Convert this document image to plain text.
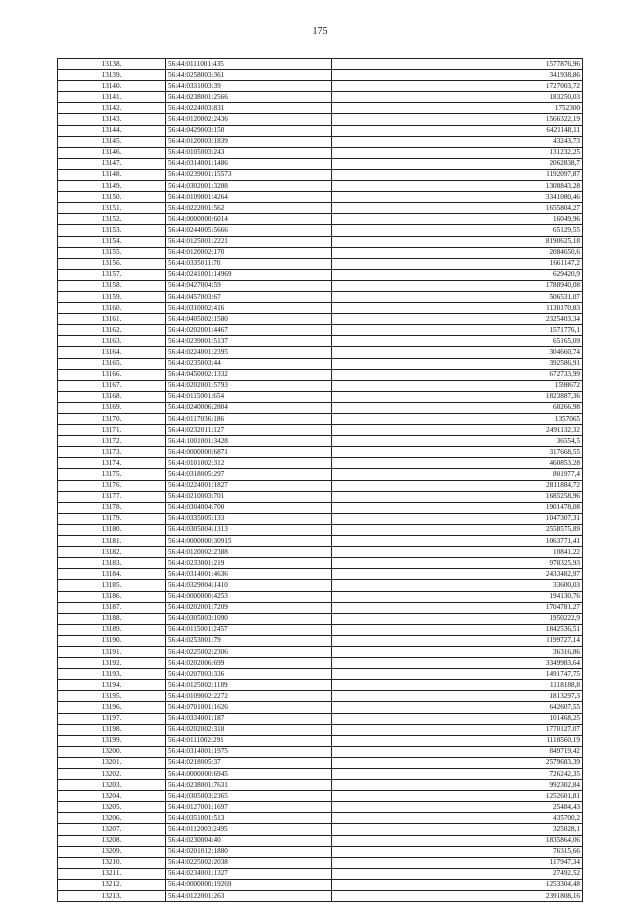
175
13138.	56:44:0111001:435	1577876,96
13139.	56:44:0258003:361	341938,86
13140.	56:44:0331003:39	1727003,72
13141.	56:44:0238001:2566	183250,03
13142.	56:44:0224003:831	1752300
13143.	56:44:0120002:2436	1566322,19
13144.	56:44:0429003:150	6421148,11
13145.	56:44:0120003:1839	43243,73
13146.	56:44:0105003:243	131232,25
13147.	56:44:0314001:1486	2062838,7
13148.	56:44:0239001:15573	1192097,87
13149.	56:44:0302001:3288	1308843,28
13150.	56:44:0109001:4264	3341080,46
13151.	56:44:0222001:562	1655804,27
13152.	56:44:0000000:6014	16049,96
13153.	56:44:0244005:5666	65129,55
13154.	56:44:0125001:2221	8190625,18
13155.	56:44:0120002:170	2084650,6
13156.	56:44:0335011:70	1661147,2
13157.	56:44:0241001:14969	629420,9
13158.	56:44:0427004:59	1788940,08
13159.	56:44:0457003:67	506531,07
13160.	56:44:0310002:416	1130170,83
13161.	56:44:0405002:1580	2325403,34
13162.	56:44:0202001:4467	1571776,1
13163.	56:44:0239001:5137	65165,09
13164.	56:44:0224001:2395	304660,74
13165.	56:44:0235003:44	392586,91
13166.	56:44:0450002:1332	672733,99
13167.	56:44:0202001:5793	1598672
13168.	56:44:0115001:654	1823887,36
13169.	56:44:0240006:2804	68266,98
13170.	56:44:0117036:186	1357065
13171.	56:44:0232011:127	2491132,32
13172.	56:44:1001001:3428	36554,5
13173.	56:44:0000000:6871	317668,55
13174.	56:44:0101002:312	460853,28
13175.	56:44:0318005:297	801977,4
13176.	56:44:0224001:1827	2811884,72
13177.	56:44:0210003:701	1685258,96
13178.	56:44:0304004:700	1901478,08
13179.	56:44:0335005:133	1047307,31
13180.	56:44:0305004:1313	2558575,89
13181.	56:44:0000000:30915	1063771,41
13182.	56:44:0120002:2388	10841,22
13183.	56:44:0233001:219	978325,93
13184.	56:44:0314001:4636	2433482,97
13185.	56:44:0329004:1410	33600,03
13186.	56:44:0000000:4253	194130,76
13187.	56:44:0202001:7209	1704781,27
13188.	56:44:0305003:1090	1950222,9
13189.	56:44:0115001:2457	1842536,51
13190.	56:44:0253001:79	1199727,14
13191.	56:44:0225002:2306	36316,86
13192.	56:44:0202006:699	3349983,64
13193.	56:44:0207003:336	1491747,75
13194.	56:44:0125002:1189	1118188,8
13195.	56:44:0109002:2272	1813297,3
13196.	56:44:0701001:1626	642607,55
13197.	56:44:0334001:187	101468,25
13198.	56:44:0202002:318	1770127,07
13199.	56:44:0111002:291	1118560,19
13200.	56:44:0314001:1975	849719,42
13201.	56:44:0218005:37	2579683,39
13202.	56:44:0000000:6945	726242,35
13203.	56:44:0238001:7631	992302,84
13204.	56:44:0305003:2365	1252601,81
13205.	56:44:0127001:1697	25484,43
13206.	56:44:0351001:513	435700,2
13207.	56:44:0112003:2495	325028,1
13208.	56:44:0230004:40	1835864,06
13209.	56:44:0201012:1880	76315,66
13210.	56:44:0225002:2038	117947,34
13211.	56:44:0234001:1327	27492,52
13212.	56:44:0000000:19269	1253304,48
13213.	56:44:0122001:263	2391808,16
